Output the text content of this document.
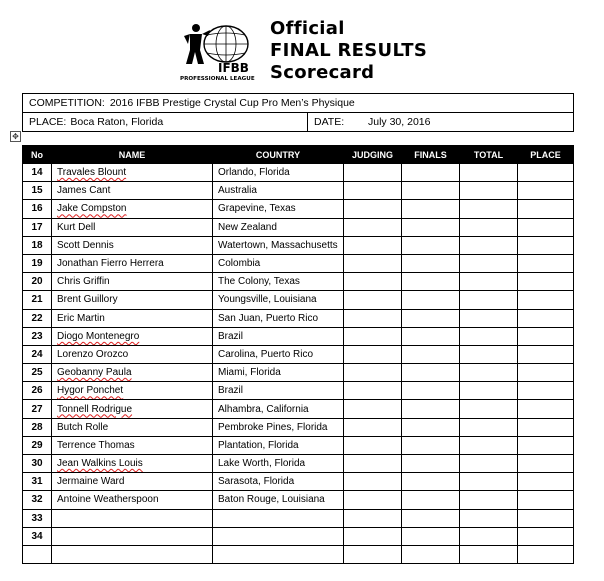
IFBB
PROFESSIONAL LEAGUE
Official
FINAL RESULTS
Scorecard
COMPETITION: 2016 IFBB Prestige Crystal Cup Pro Men’s Physique
PLACE: Boca Raton, Florida	DATE:	July 30, 2016
✥
No	NAME	COUNTRY	JUDGING	FINALS	TOTAL	PLACE
14	Travales Blount	Orlando, Florida				
15	James Cant	Australia				
16	Jake Compston	Grapevine, Texas				
17	Kurt Dell	New Zealand				
18	Scott Dennis	Watertown, Massachusetts				
19	Jonathan Fierro Herrera	Colombia				
20	Chris Griffin	The Colony, Texas				
21	Brent Guillory	Youngsville, Louisiana				
22	Eric Martin	San Juan, Puerto Rico				
23	Diogo Montenegro	Brazil				
24	Lorenzo Orozco	Carolina, Puerto Rico				
25	Geobanny Paula	Miami, Florida				
26	Hygor Ponchet	Brazil				
27	Tonnell Rodrigue	Alhambra, California				
28	Butch Rolle	Pembroke Pines, Florida				
29	Terrence Thomas	Plantation, Florida				
30	Jean Walkins Louis	Lake Worth, Florida				
31	Jermaine Ward	Sarasota, Florida				
32	Antoine Weatherspoon	Baton Rouge, Louisiana				
33						
34						
